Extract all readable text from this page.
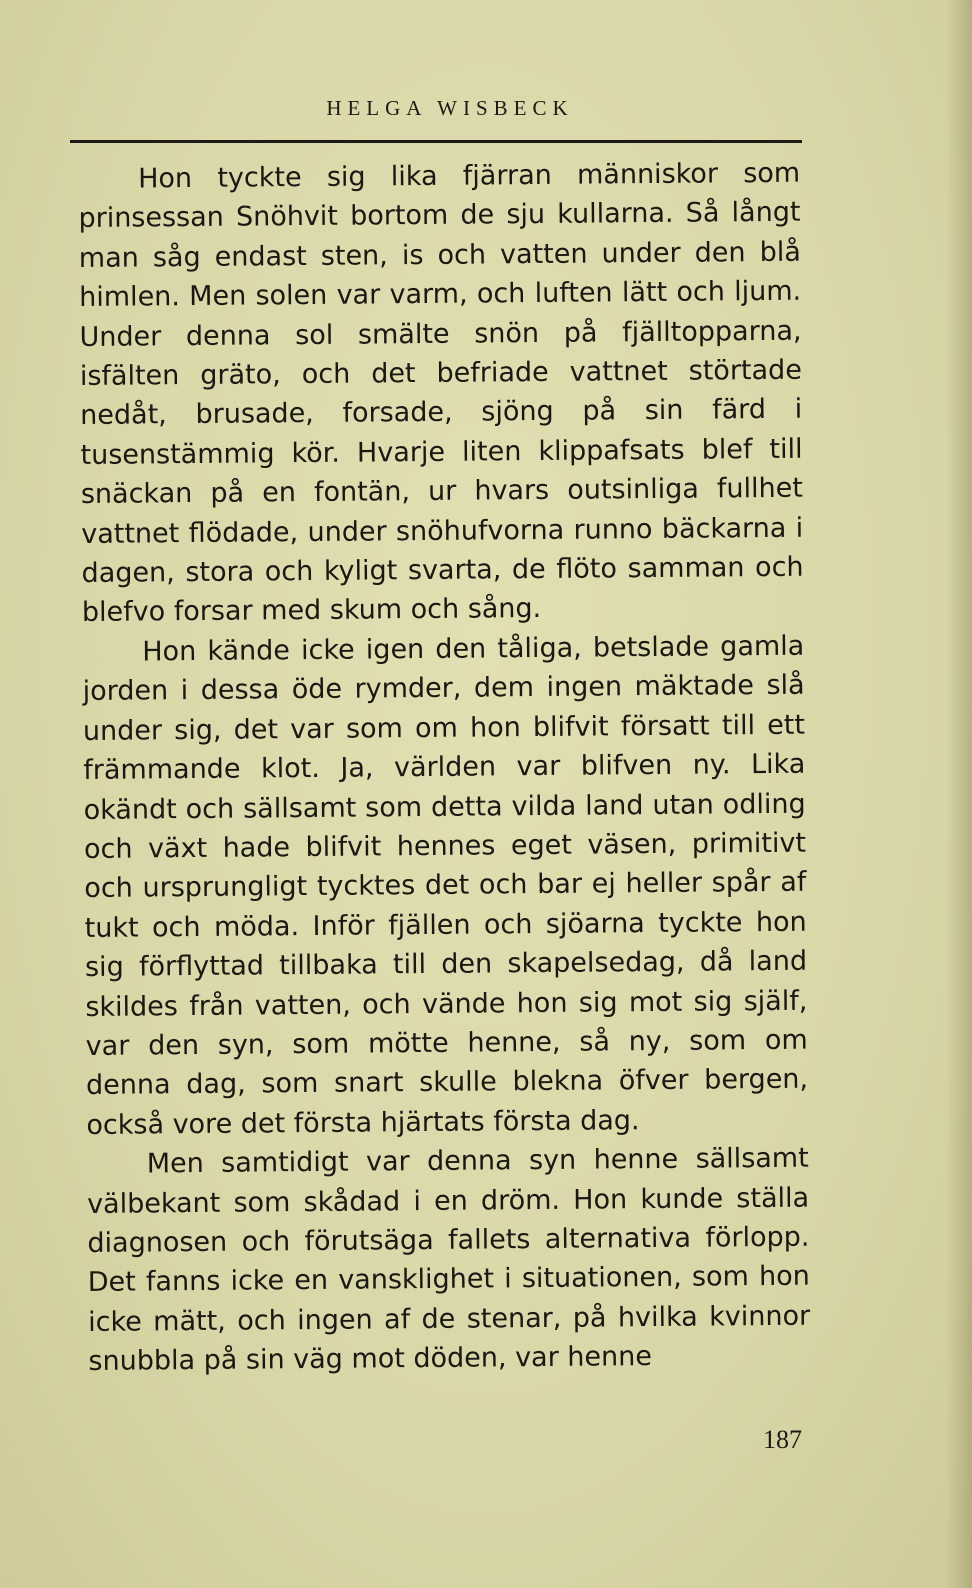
HELGA WISBECK

Hon tyckte sig lika fjärran människor som prinsessan Snöhvit bortom de sju kullarna. Så långt man såg endast sten, is och vatten under den blå himlen. Men solen var varm, och luften lätt och ljum. Under denna sol smälte snön på fjälltopparna, isfälten gräto, och det befriade vattnet störtade nedåt, brusade, forsade, sjöng på sin färd i tusenstämmig kör. Hvarje liten klippafsats blef till snäckan på en fontän, ur hvars outsinliga fullhet vattnet flödade, under snöhufvorna runno bäckarna i dagen, stora och kyligt svarta, de flöto samman och blefvo forsar med skum och sång.

Hon kände icke igen den tåliga, betslade gamla jorden i dessa öde rymder, dem ingen mäktade slå under sig, det var som om hon blifvit försatt till ett främmande klot. Ja, världen var blifven ny. Lika okändt och sällsamt som detta vilda land utan odling och växt hade blifvit hennes eget väsen, primitivt och ursprungligt tycktes det och bar ej heller spår af tukt och möda. Inför fjällen och sjöarna tyckte hon sig förflyttad tillbaka till den skapelsedag, då land skildes från vatten, och vände hon sig mot sig själf, var den syn, som mötte henne, så ny, som om denna dag, som snart skulle blekna öfver bergen, också vore det första hjärtats första dag.

Men samtidigt var denna syn henne sällsamt välbekant som skådad i en dröm. Hon kunde ställa diagnosen och förutsäga fallets alternativa förlopp. Det fanns icke en vansklighet i situationen, som hon icke mätt, och ingen af de stenar, på hvilka kvinnor snubbla på sin väg mot döden, var henne

187
